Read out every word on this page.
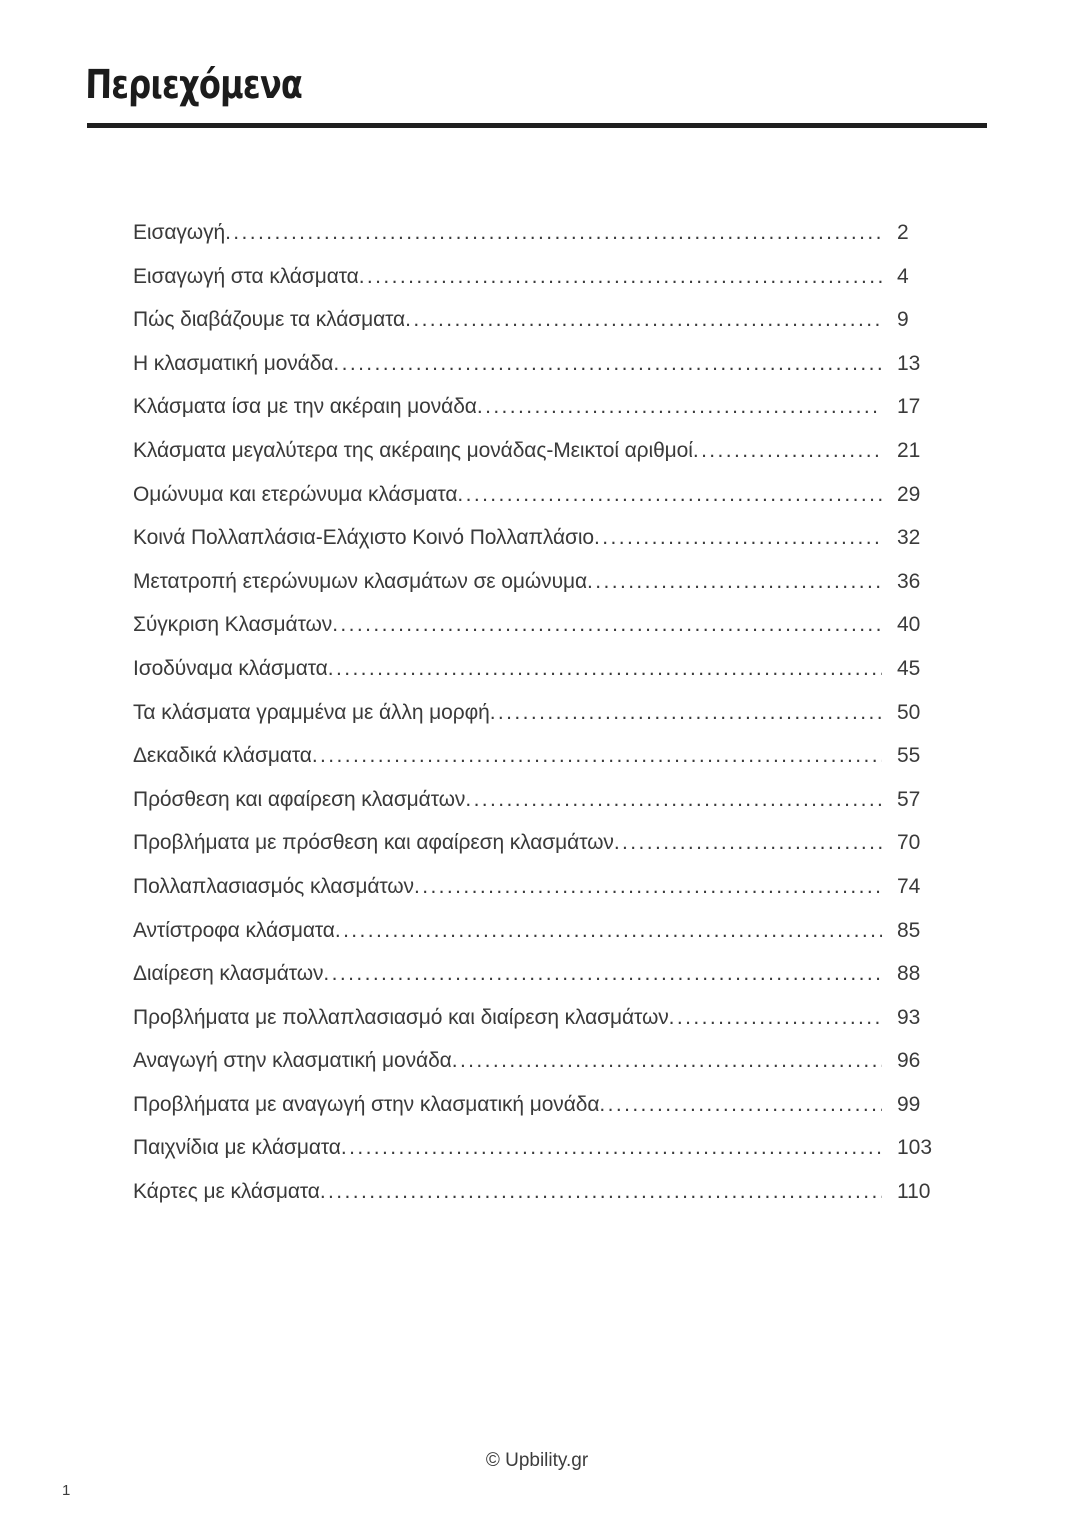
Περιεχόμενα
Εισαγωγή .....	2
Εισαγωγή στα κλάσματα .....	4
Πώς διαβάζουμε τα κλάσματα .....	9
Η κλασματική μονάδα .....	13
Κλάσματα ίσα με την ακέραιη μονάδα .....	17
Κλάσματα μεγαλύτερα της ακέραιης μονάδας-Μεικτοί αριθμοί .....	21
Ομώνυμα και ετερώνυμα κλάσματα .....	29
Κοινά Πολλαπλάσια-Ελάχιστο Κοινό Πολλαπλάσιο .....	32
Μετατροπή ετερώνυμων κλασμάτων σε ομώνυμα .....	36
Σύγκριση Κλασμάτων .....	40
Ισοδύναμα κλάσματα .....	45
Τα κλάσματα γραμμένα με άλλη μορφή .....	50
Δεκαδικά κλάσματα .....	55
Πρόσθεση και αφαίρεση κλασμάτων .....	57
Προβλήματα με πρόσθεση και αφαίρεση κλασμάτων .....	70
Πολλαπλασιασμός κλασμάτων .....	74
Αντίστροφα κλάσματα .....	85
Διαίρεση κλασμάτων .....	88
Προβλήματα με πολλαπλασιασμό και διαίρεση κλασμάτων .....	93
Αναγωγή στην κλασματική μονάδα .....	96
Προβλήματα με αναγωγή στην κλασματική μονάδα .....	99
Παιχνίδια με κλάσματα .....	103
Κάρτες με κλάσματα .....	110
© Upbility.gr
1
